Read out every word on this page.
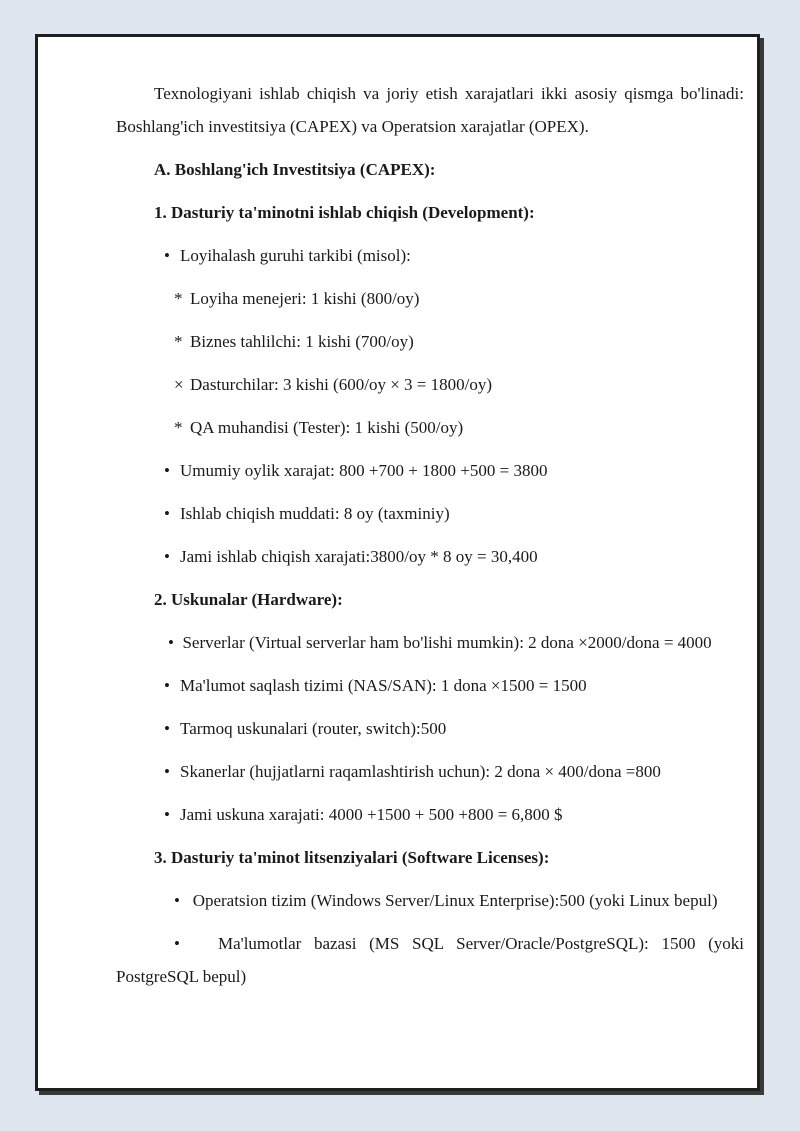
Texnologiyani ishlab chiqish va joriy etish xarajatlari ikki asosiy qismga bo'linadi: Boshlang'ich investitsiya (CAPEX) va Operatsion xarajatlar (OPEX).

A. Boshlang'ich Investitsiya (CAPEX):
1. Dasturiy ta'minotni ishlab chiqish (Development):
• Loyihalash guruhi tarkibi (misol):
* Loyiha menejeri: 1 kishi (800/oy)
* Biznes tahlilchi: 1 kishi (700/oy)
× Dasturchilar: 3 kishi (600/oy × 3 = 1800/oy)
* QA muhandisi (Tester): 1 kishi (500/oy)
• Umumiy oylik xarajat: 800 +700 + 1800 +500 = 3800
• Ishlab chiqish muddati: 8 oy (taxminiy)
• Jami ishlab chiqish xarajati:3800/oy * 8 oy = 30,400
2. Uskunalar (Hardware):
• Serverlar (Virtual serverlar ham bo'lishi mumkin): 2 dona ×2000/dona = 4000
• Ma'lumot saqlash tizimi (NAS/SAN): 1 dona ×1500 = 1500
• Tarmoq uskunalari (router, switch):500
• Skanerlar (hujjatlarni raqamlashtirish uchun): 2 dona × 400/dona =800
• Jami uskuna xarajati: 4000 +1500 + 500 +800 = 6,800 $
3. Dasturiy ta'minot litsenziyalari (Software Licenses):
• Operatsion tizim (Windows Server/Linux Enterprise):500 (yoki Linux bepul)
• Ma'lumotlar bazasi (MS SQL Server/Oracle/PostgreSQL): 1500 (yoki PostgreSQL bepul)
